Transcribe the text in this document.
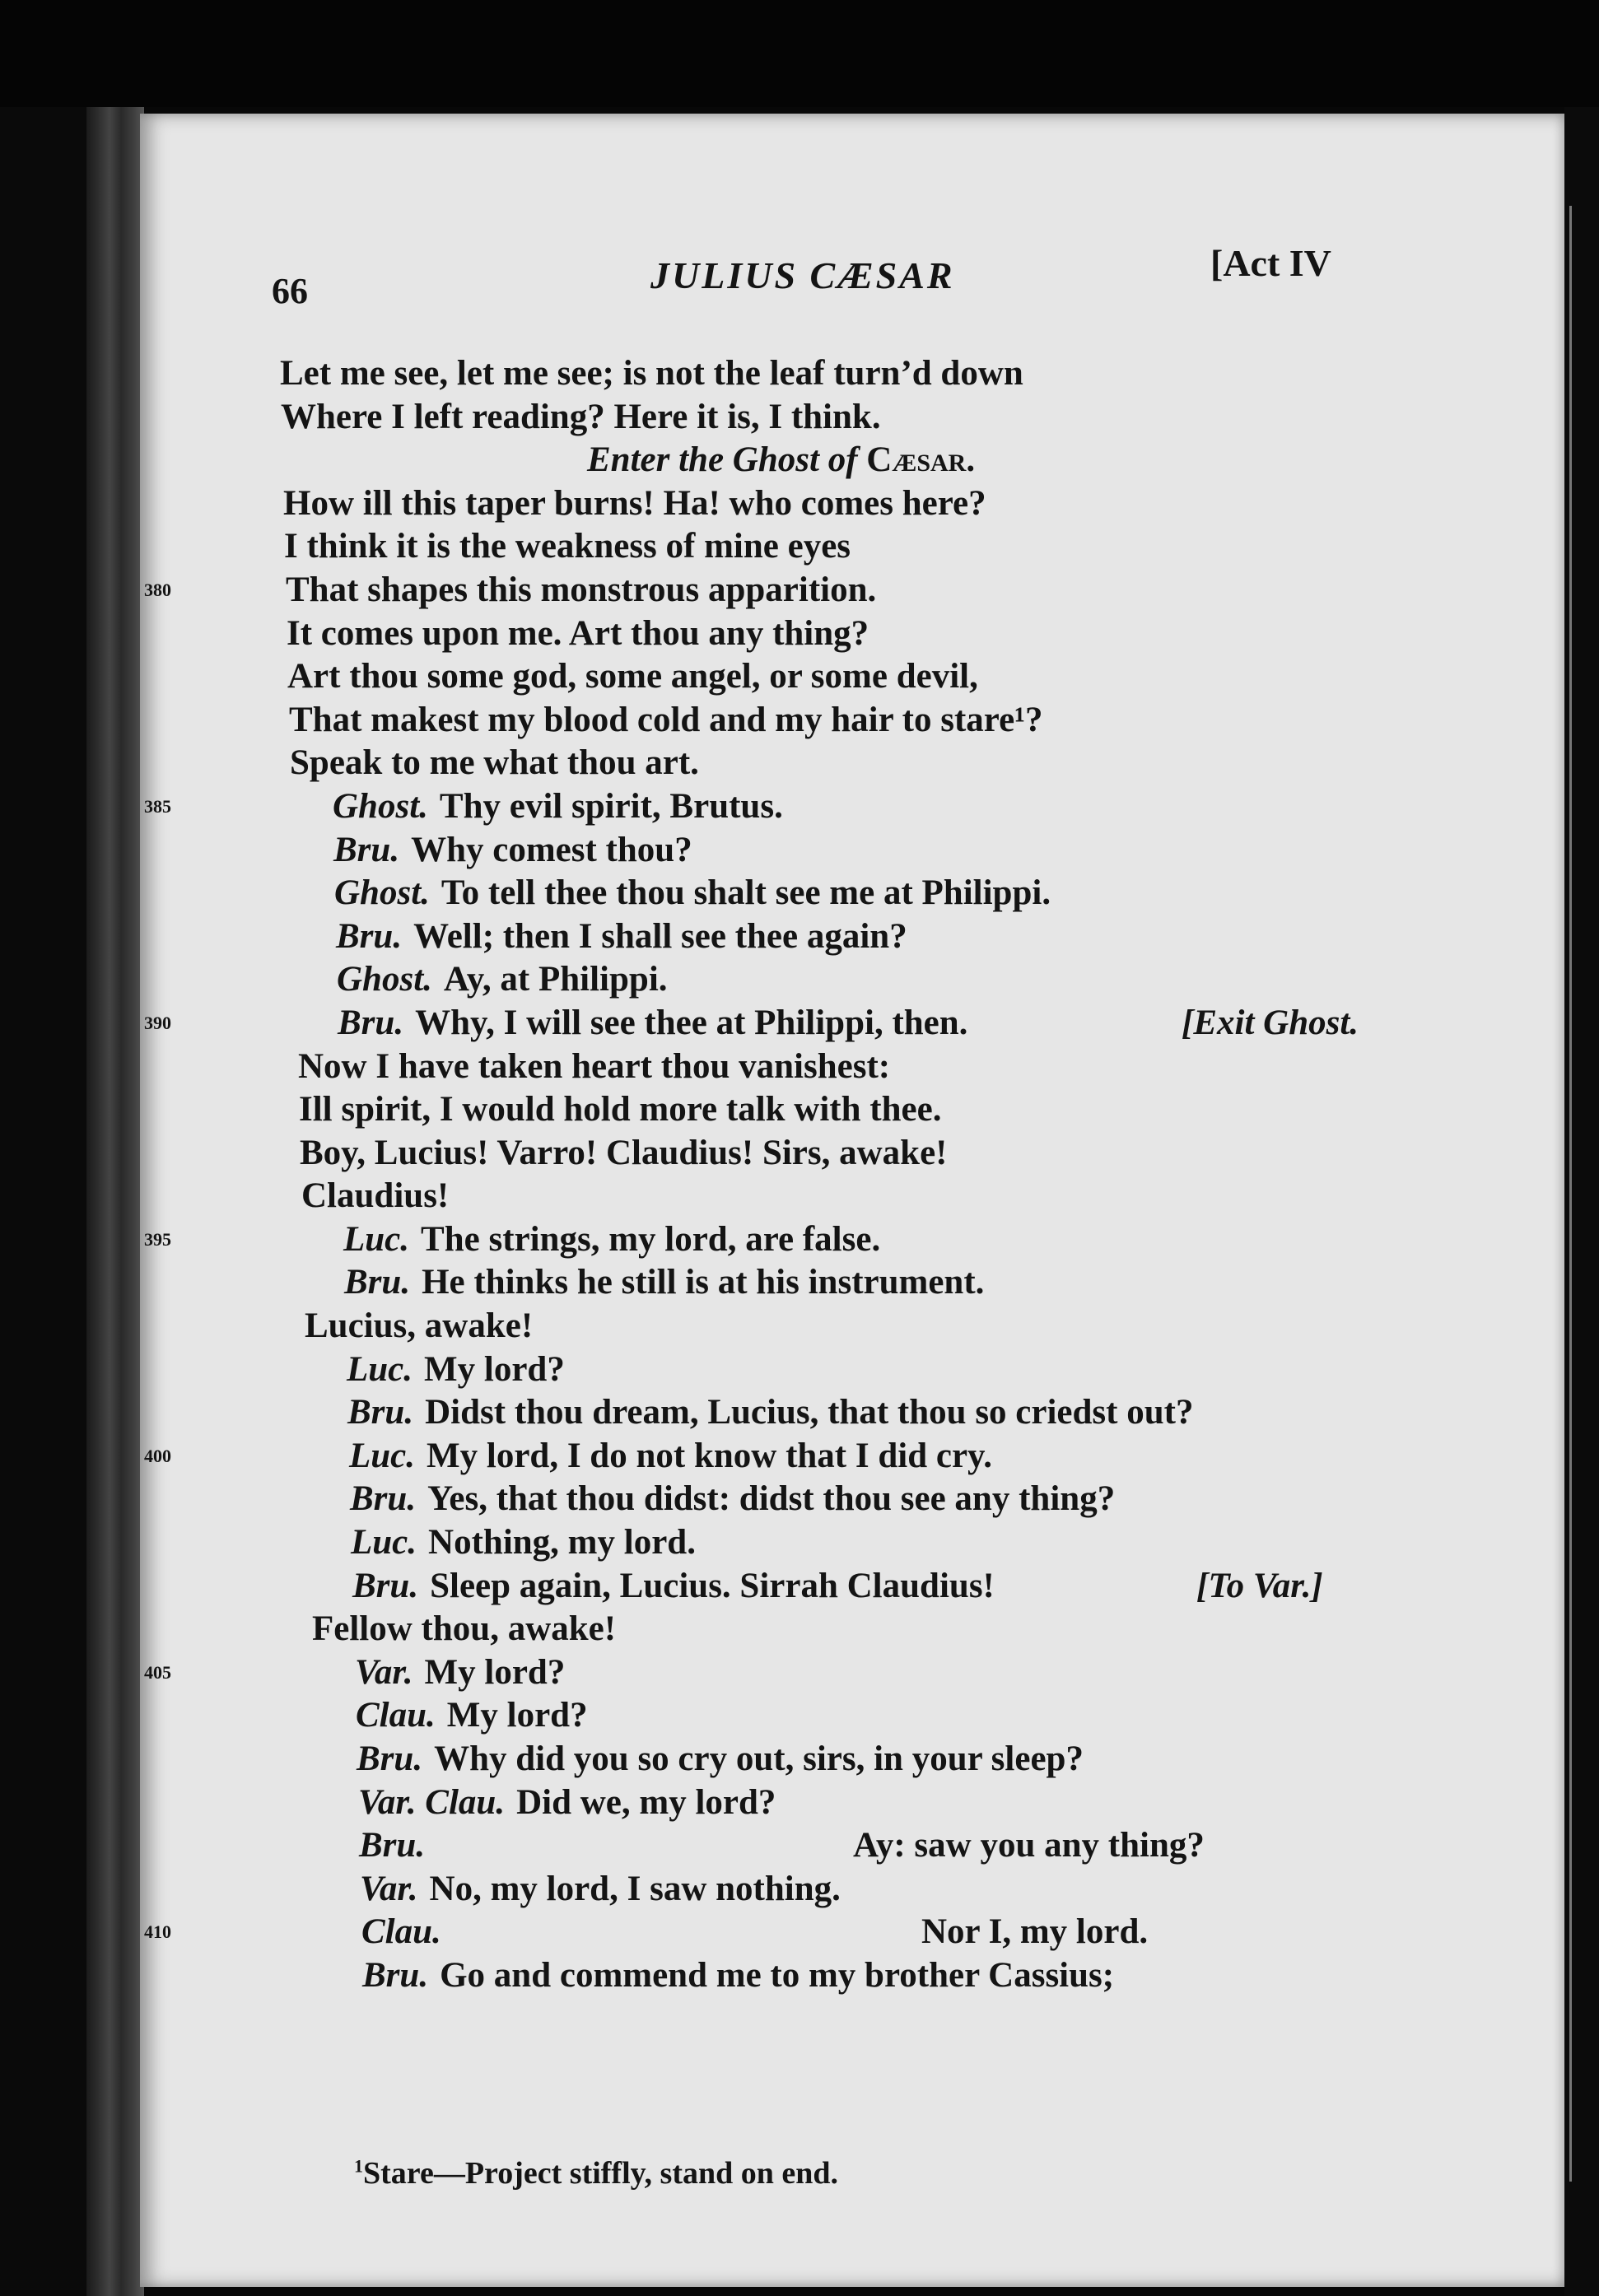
66	JULIUS CÆSAR	[Act IV
Let me see, let me see; is not the leaf turn’d down
Where I left reading? Here it is, I think.
Enter the Ghost of Cæsar.
How ill this taper burns! Ha! who comes here?
I think it is the weakness of mine eyes
380	That shapes this monstrous apparition.
It comes upon me. Art thou any thing?
Art thou some god, some angel, or some devil,
That makest my blood cold and my hair to stare¹?
Speak to me what thou art.
385	Ghost. Thy evil spirit, Brutus.
Bru. Why comest thou?
Ghost. To tell thee thou shalt see me at Philippi.
Bru. Well; then I shall see thee again?
Ghost. Ay, at Philippi.
390	Bru. Why, I will see thee at Philippi, then.	[Exit Ghost.
Now I have taken heart thou vanishest:
Ill spirit, I would hold more talk with thee.
Boy, Lucius! Varro! Claudius! Sirs, awake!
Claudius!
395	Luc. The strings, my lord, are false.
Bru. He thinks he still is at his instrument.
Lucius, awake!
Luc. My lord?
Bru. Didst thou dream, Lucius, that thou so criedst out?
400	Luc. My lord, I do not know that I did cry.
Bru. Yes, that thou didst: didst thou see any thing?
Luc. Nothing, my lord.
Bru. Sleep again, Lucius. Sirrah Claudius!	[To Var.]
Fellow thou, awake!
405	Var. My lord?
Clau. My lord?
Bru. Why did you so cry out, sirs, in your sleep?
Var. Clau. Did we, my lord?
Bru.	Ay: saw you any thing?
Var. No, my lord, I saw nothing.
410	Clau.	Nor I, my lord.
Bru. Go and commend me to my brother Cassius;
$^1$Stare—Project stiffly, stand on end.
